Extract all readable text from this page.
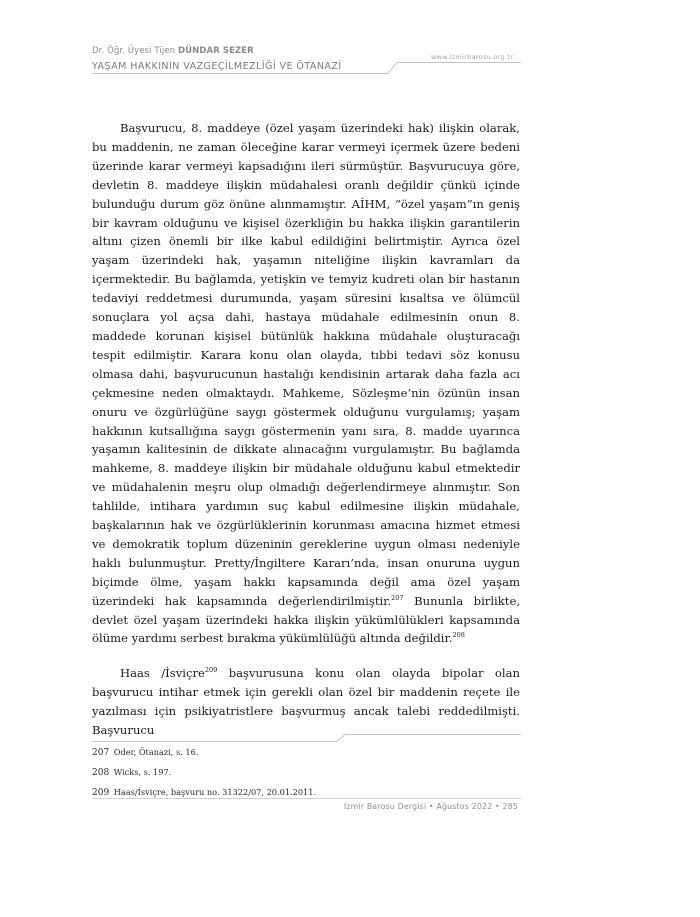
Dr. Öğr. Üyesi Tijen DÜNDAR SEZER
YAŞAM HAKKININ VAZGEÇİLMEZLİĞİ VE ÖTANAZİ
www.izmirbarosu.org.tr

Başvurucu, 8. maddeye (özel yaşam üzerindeki hak) ilişkin olarak, bu maddenin, ne zaman öleceğine karar vermeyi içermek üzere bedeni üzerinde karar vermeyi kapsadığını ileri sürmüştür. Başvurucuya göre, devletin 8. maddeye ilişkin müdahalesi oranlı değildir çünkü içinde bulunduğu durum göz önüne alınmamıştır. AİHM, “özel yaşam”ın geniş bir kavram olduğunu ve kişisel özerkliğin bu hakka ilişkin garantilerin altını çizen önemli bir ilke kabul edildiğini belirtmiştir. Ayrıca özel yaşam üzerindeki hak, yaşamın niteliğine ilişkin kavramları da içermektedir. Bu bağlamda, yetişkin ve temyiz kudreti olan bir hastanın tedaviyi reddetmesi durumunda, yaşam süresini kısaltsa ve ölümcül sonuçlara yol açsa dahi, hastaya müdahale edilmesinin onun 8. maddede korunan kişisel bütünlük hakkına müdahale oluşturacağı tespit edilmiştir. Karara konu olan olayda, tıbbi tedavi söz konusu olmasa dahi, başvurucunun hastalığı kendisinin artarak daha fazla acı çekmesine neden olmaktaydı. Mahkeme, Sözleşme’nin özünün insan onuru ve özgürlüğüne saygı göstermek olduğunu vurgulamış; yaşam hakkının kutsallığına saygı göstermenin yanı sıra, 8. madde uyarınca yaşamın kalitesinin de dikkate alınacağını vurgulamıştır. Bu bağlamda mahkeme, 8. maddeye ilişkin bir müdahale olduğunu kabul etmektedir ve müdahalenin meşru olup olmadığı değerlendirmeye alınmıştır. Son tahlilde, intihara yardımın suç kabul edilmesine ilişkin müdahale, başkalarının hak ve özgürlüklerinin korunması amacına hizmet etmesi ve demokratik toplum düzeninin gereklerine uygun olması nedeniyle haklı bulunmuştur. Pretty/İngiltere Kararı’nda, insan onuruna uygun biçimde ölme, yaşam hakkı kapsamında değil ama özel yaşam üzerindeki hak kapsamında değerlendirilmiştir.$^{207}$ Bununla birlikte, devlet özel yaşam üzerindeki hakka ilişkin yükümlülükleri kapsamında ölüme yardımı serbest bırakma yükümlülüğü altında değildir.$^{208}$

Haas /İsviçre$^{209}$ başvurusuna konu olan olayda bipolar olan başvurucu intihar etmek için gerekli olan özel bir maddenin reçete ile yazılması için psikiyatristlere başvurmuş ancak talebi reddedilmişti. Başvurucu

207 Oder, Ötanazi, s. 16.
208 Wicks, s. 197.
209 Haas/İsviçre, başvuru no. 31322/07, 20.01.2011.
İzmir Barosu Dergisi • Ağustos 2022 • 285
